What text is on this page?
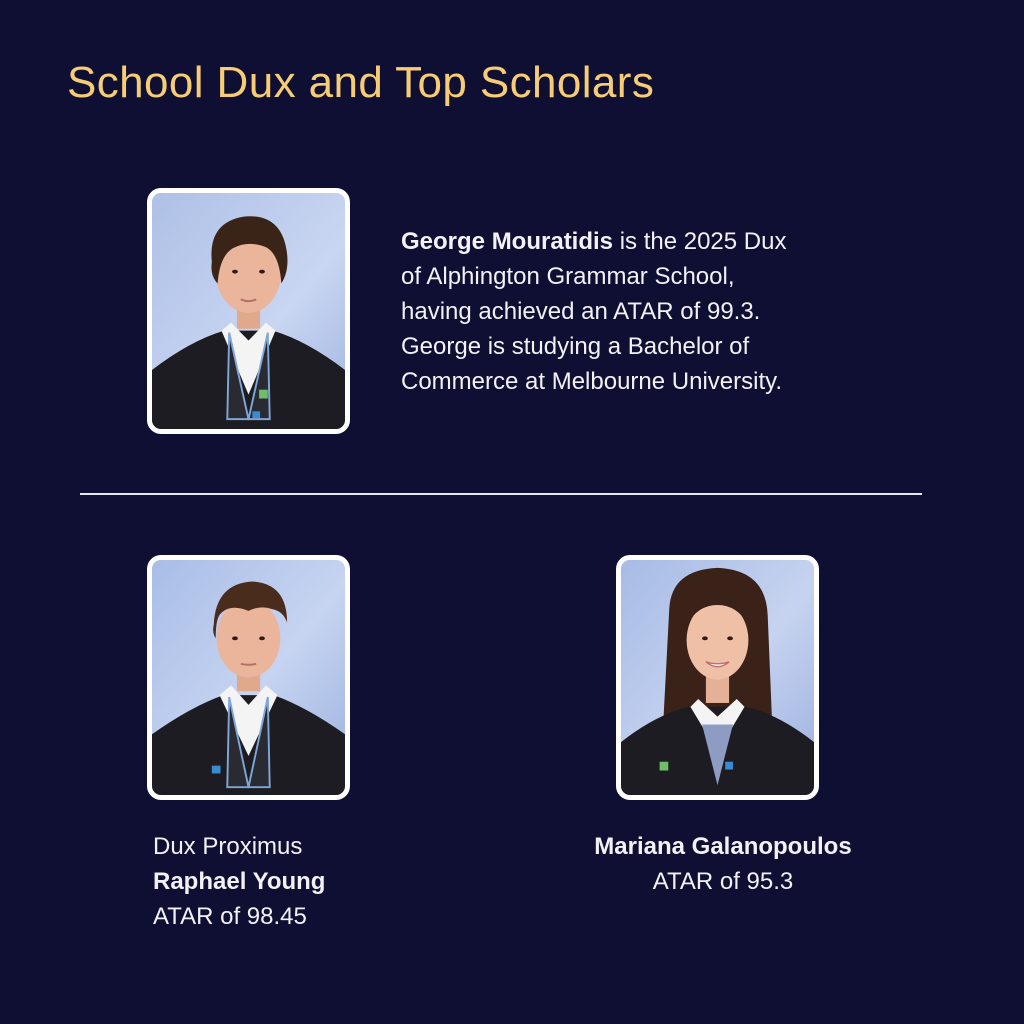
School Dux and Top Scholars

George Mouratidis is the 2025 Dux
of Alphington Grammar School,
having achieved an ATAR of 99.3.
George is studying a Bachelor of
Commerce at Melbourne University.

Dux Proximus
Raphael Young
ATAR of 98.45
Mariana Galanopoulos
ATAR of 95.3
